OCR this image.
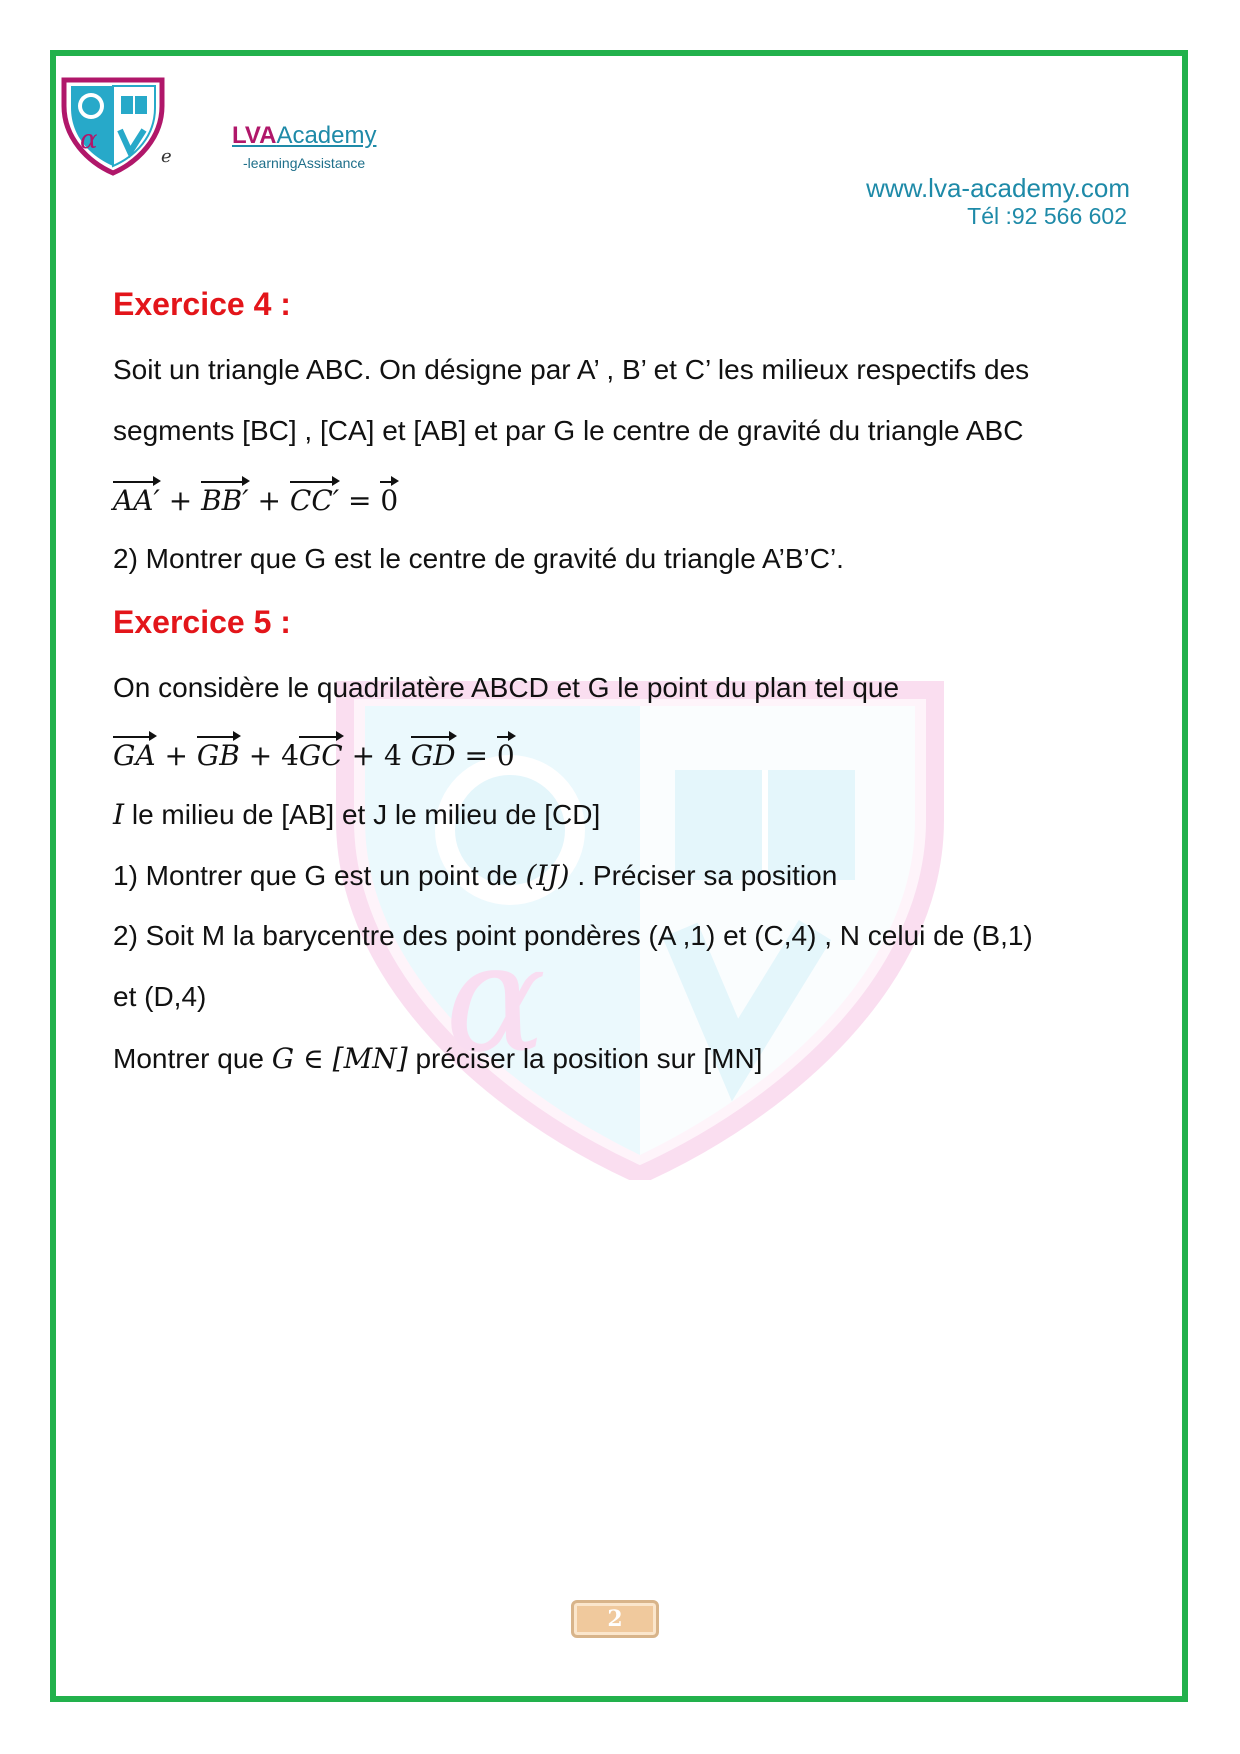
α
e
LVAAcademy
-learningAssistance
www.lva-academy.com
Tél :92 566 602
α
Exercice 4 :
Soit un triangle ABC. On désigne par A’ , B’ et C’ les milieux respectifs des
segments [BC] , [CA] et [AB] et par G le centre de gravité du triangle ABC
AA′ + BB′ + CC′ = 0
2) Montrer que G est le centre de gravité du triangle A’B’C’.
Exercice 5 :
On considère le quadrilatère ABCD et G le point du plan tel que
GA + GB + 4GC + 4 GD = 0
I le milieu de [AB] et J le milieu de [CD]
1) Montrer que G est un point de (IJ) . Préciser sa position
2) Soit M la barycentre des point pondères (A ,1) et (C,4) , N celui de (B,1)
et (D,4)
Montrer que G ∈ [MN] préciser la position sur [MN]
2
